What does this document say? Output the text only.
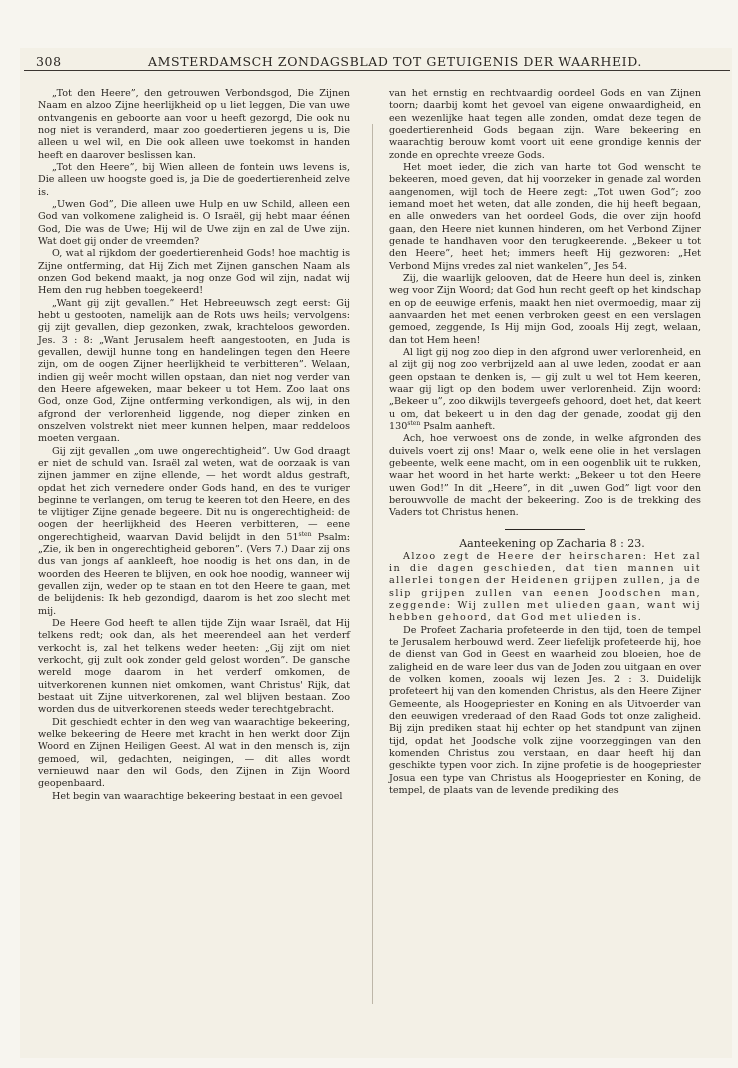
308	AMSTERDAMSCH ZONDAGSBLAD TOT GETUIGENIS DER WAARHEID.

„Tot den Heere”, den getrouwen Verbondsgod, Die Zijnen Naam en alzoo Zijne heerlijkheid op u liet leggen, Die van uwe ontvangenis en geboorte aan voor u heeft gezorgd, Die ook nu nog niet is veranderd, maar zoo goedertieren jegens u is, Die alleen u wel wil, en Die ook alleen uwe toekomst in handen heeft en daarover beslissen kan.

„Tot den Heere”, bij Wien alleen de fontein uws levens is, Die alleen uw hoogste goed is, ja Die de goedertierenheid zelve is.

„Uwen God”, Die alleen uwe Hulp en uw Schild, alleen een God van volkomene zaligheid is. O Israël, gij hebt maar éénen God, Die was de Uwe; Hij wil de Uwe zijn en zal de Uwe zijn. Wat doet gij onder de vreemden?

O, wat al rijkdom der goedertierenheid Gods! hoe machtig is Zijne ontferming, dat Hij Zich met Zijnen ganschen Naam als onzen God bekend maakt, ja nog onze God wil zijn, nadat wij Hem den rug hebben toegekeerd!

„Want gij zijt gevallen.” Het Hebreeuwsch zegt eerst: Gij hebt u gestooten, namelijk aan de Rots uws heils; vervolgens: gij zijt gevallen, diep gezonken, zwak, krachteloos geworden. Jes. 3 : 8: „Want Jerusalem heeft aangestooten, en Juda is gevallen, dewijl hunne tong en handelingen tegen den Heere zijn, om de oogen Zijner heerlijkheid te verbitteren”. Welaan, indien gij weêr mocht willen opstaan, dan niet nog verder van den Heere afgeweken, maar bekeer u tot Hem. Zoo laat ons God, onze God, Zijne ontferming verkondigen, als wij, in den afgrond der verlorenheid liggende, nog dieper zinken en onszelven volstrekt niet meer kunnen helpen, maar reddeloos moeten vergaan.

Gij zijt gevallen „om uwe ongerechtigheid”. Uw God draagt er niet de schuld van. Israël zal weten, wat de oorzaak is van zijnen jammer en zijne ellende, — het wordt aldus gestraft, opdat het zich vernedere onder Gods hand, en des te vuriger beginne te verlangen, om terug te keeren tot den Heere, en des te vlijtiger Zijne genade begeere. Dit nu is ongerechtigheid: de oogen der heerlijkheid des Heeren verbitteren, — eene ongerechtigheid, waarvan David belijdt in den $51^{sten}$ Psalm: „Zie, ik ben in ongerechtigheid geboren”. (Vers 7.) Daar zij ons dus van jongs af aankleeft, hoe noodig is het ons dan, in de woorden des Heeren te blijven, en ook hoe noodig, wanneer wij gevallen zijn, weder op te staan en tot den Heere te gaan, met de belijdenis: Ik heb gezondigd, daarom is het zoo slecht met mij.

De Heere God heeft te allen tijde Zijn waar Israël, dat Hij telkens redt; ook dan, als het meerendeel aan het verderf verkocht is, zal het telkens weder heeten: „Gij zijt om niet verkocht, gij zult ook zonder geld gelost worden”. De gansche wereld moge daarom in het verderf omkomen, de uitverkorenen kunnen niet omkomen, want Christus' Rijk, dat bestaat uit Zijne uitverkorenen, zal wel blijven bestaan. Zoo worden dus de uitverkorenen steeds weder terechtgebracht.

Dit geschiedt echter in den weg van waarachtige bekeering, welke bekeering de Heere met kracht in hen werkt door Zijn Woord en Zijnen Heiligen Geest. Al wat in den mensch is, zijn gemoed, wil, gedachten, neigingen, — dit alles wordt vernieuwd naar den wil Gods, den Zijnen in Zijn Woord geopenbaard.

Het begin van waarachtige bekeering bestaat in een gevoel

van het ernstig en rechtvaardig oordeel Gods en van Zijnen toorn; daarbij komt het gevoel van eigene onwaardigheid, en een wezenlijke haat tegen alle zonden, omdat deze tegen de goedertierenheid Gods begaan zijn. Ware bekeering en waarachtig berouw komt voort uit eene grondige kennis der zonde en oprechte vreeze Gods.

Het moet ieder, die zich van harte tot God wenscht te bekeeren, moed geven, dat hij voorzeker in genade zal worden aangenomen, wijl toch de Heere zegt: „Tot uwen God”; zoo iemand moet het weten, dat alle zonden, die hij heeft begaan, en alle onweders van het oordeel Gods, die over zijn hoofd gaan, den Heere niet kunnen hinderen, om het Verbond Zijner genade te handhaven voor den terugkeerende. „Bekeer u tot den Heere”, heet het; immers heeft Hij gezworen: „Het Verbond Mijns vredes zal niet wankelen”, Jes 54.

Zij, die waarlijk gelooven, dat de Heere hun deel is, zinken weg voor Zijn Woord; dat God hun recht geeft op het kindschap en op de eeuwige erfenis, maakt hen niet overmoedig, maar zij aanvaarden het met eenen verbroken geest en een verslagen gemoed, zeggende, Is Hij mijn God, zooals Hij zegt, welaan, dan tot Hem heen!

Al ligt gij nog zoo diep in den afgrond uwer verlorenheid, en al zijt gij nog zoo verbrijzeld aan al uwe leden, zoodat er aan geen opstaan te denken is, — gij zult u wel tot Hem keeren, waar gij ligt op den bodem uwer verlorenheid. Zijn woord: „Bekeer u”, zoo dikwijls tevergeefs gehoord, doet het, dat keert u om, dat bekeert u in den dag der genade, zoodat gij den $130^{sten}$ Psalm aanheft.

Ach, hoe verwoest ons de zonde, in welke afgronden des duivels voert zij ons! Maar o, welk eene olie in het verslagen gebeente, welk eene macht, om in een oogenblik uit te rukken, waar het woord in het harte werkt: „Bekeer u tot den Heere uwen God!” In dit „Heere”, in dit „uwen God” ligt voor den berouwvolle de macht der bekeering. Zoo is de trekking des Vaders tot Christus henen.

Aanteekening op Zacharia 8 : 23.

Alzoo zegt de Heere der heirscharen: Het zal in die dagen geschieden, dat tien mannen uit allerlei tongen der Heidenen grijpen zullen, ja de slip grijpen zullen van eenen Joodschen man, zeggende: Wij zullen met ulieden gaan, want wij hebben gehoord, dat God met ulieden is.

De Profeet Zacharia profeteerde in den tijd, toen de tempel te Jerusalem herbouwd werd. Zeer liefelijk profeteerde hij, hoe de dienst van God in Geest en waarheid zou bloeien, hoe de zaligheid en de ware leer dus van de Joden zou uitgaan en over de volken komen, zooals wij lezen Jes. 2 : 3. Duidelijk profeteert hij van den komenden Christus, als den Heere Zijner Gemeente, als Hoogepriester en Koning en als Uitvoerder van den eeuwigen vrederaad of den Raad Gods tot onze zaligheid. Bij zijn prediken staat hij echter op het standpunt van zijnen tijd, opdat het Joodsche volk zijne voorzeggingen van den komenden Christus zou verstaan, en daar heeft hij dan geschikte typen voor zich. In zijne profetie is de hoogepriester Josua een type van Christus als Hoogepriester en Koning, de tempel, de plaats van de levende prediking des
